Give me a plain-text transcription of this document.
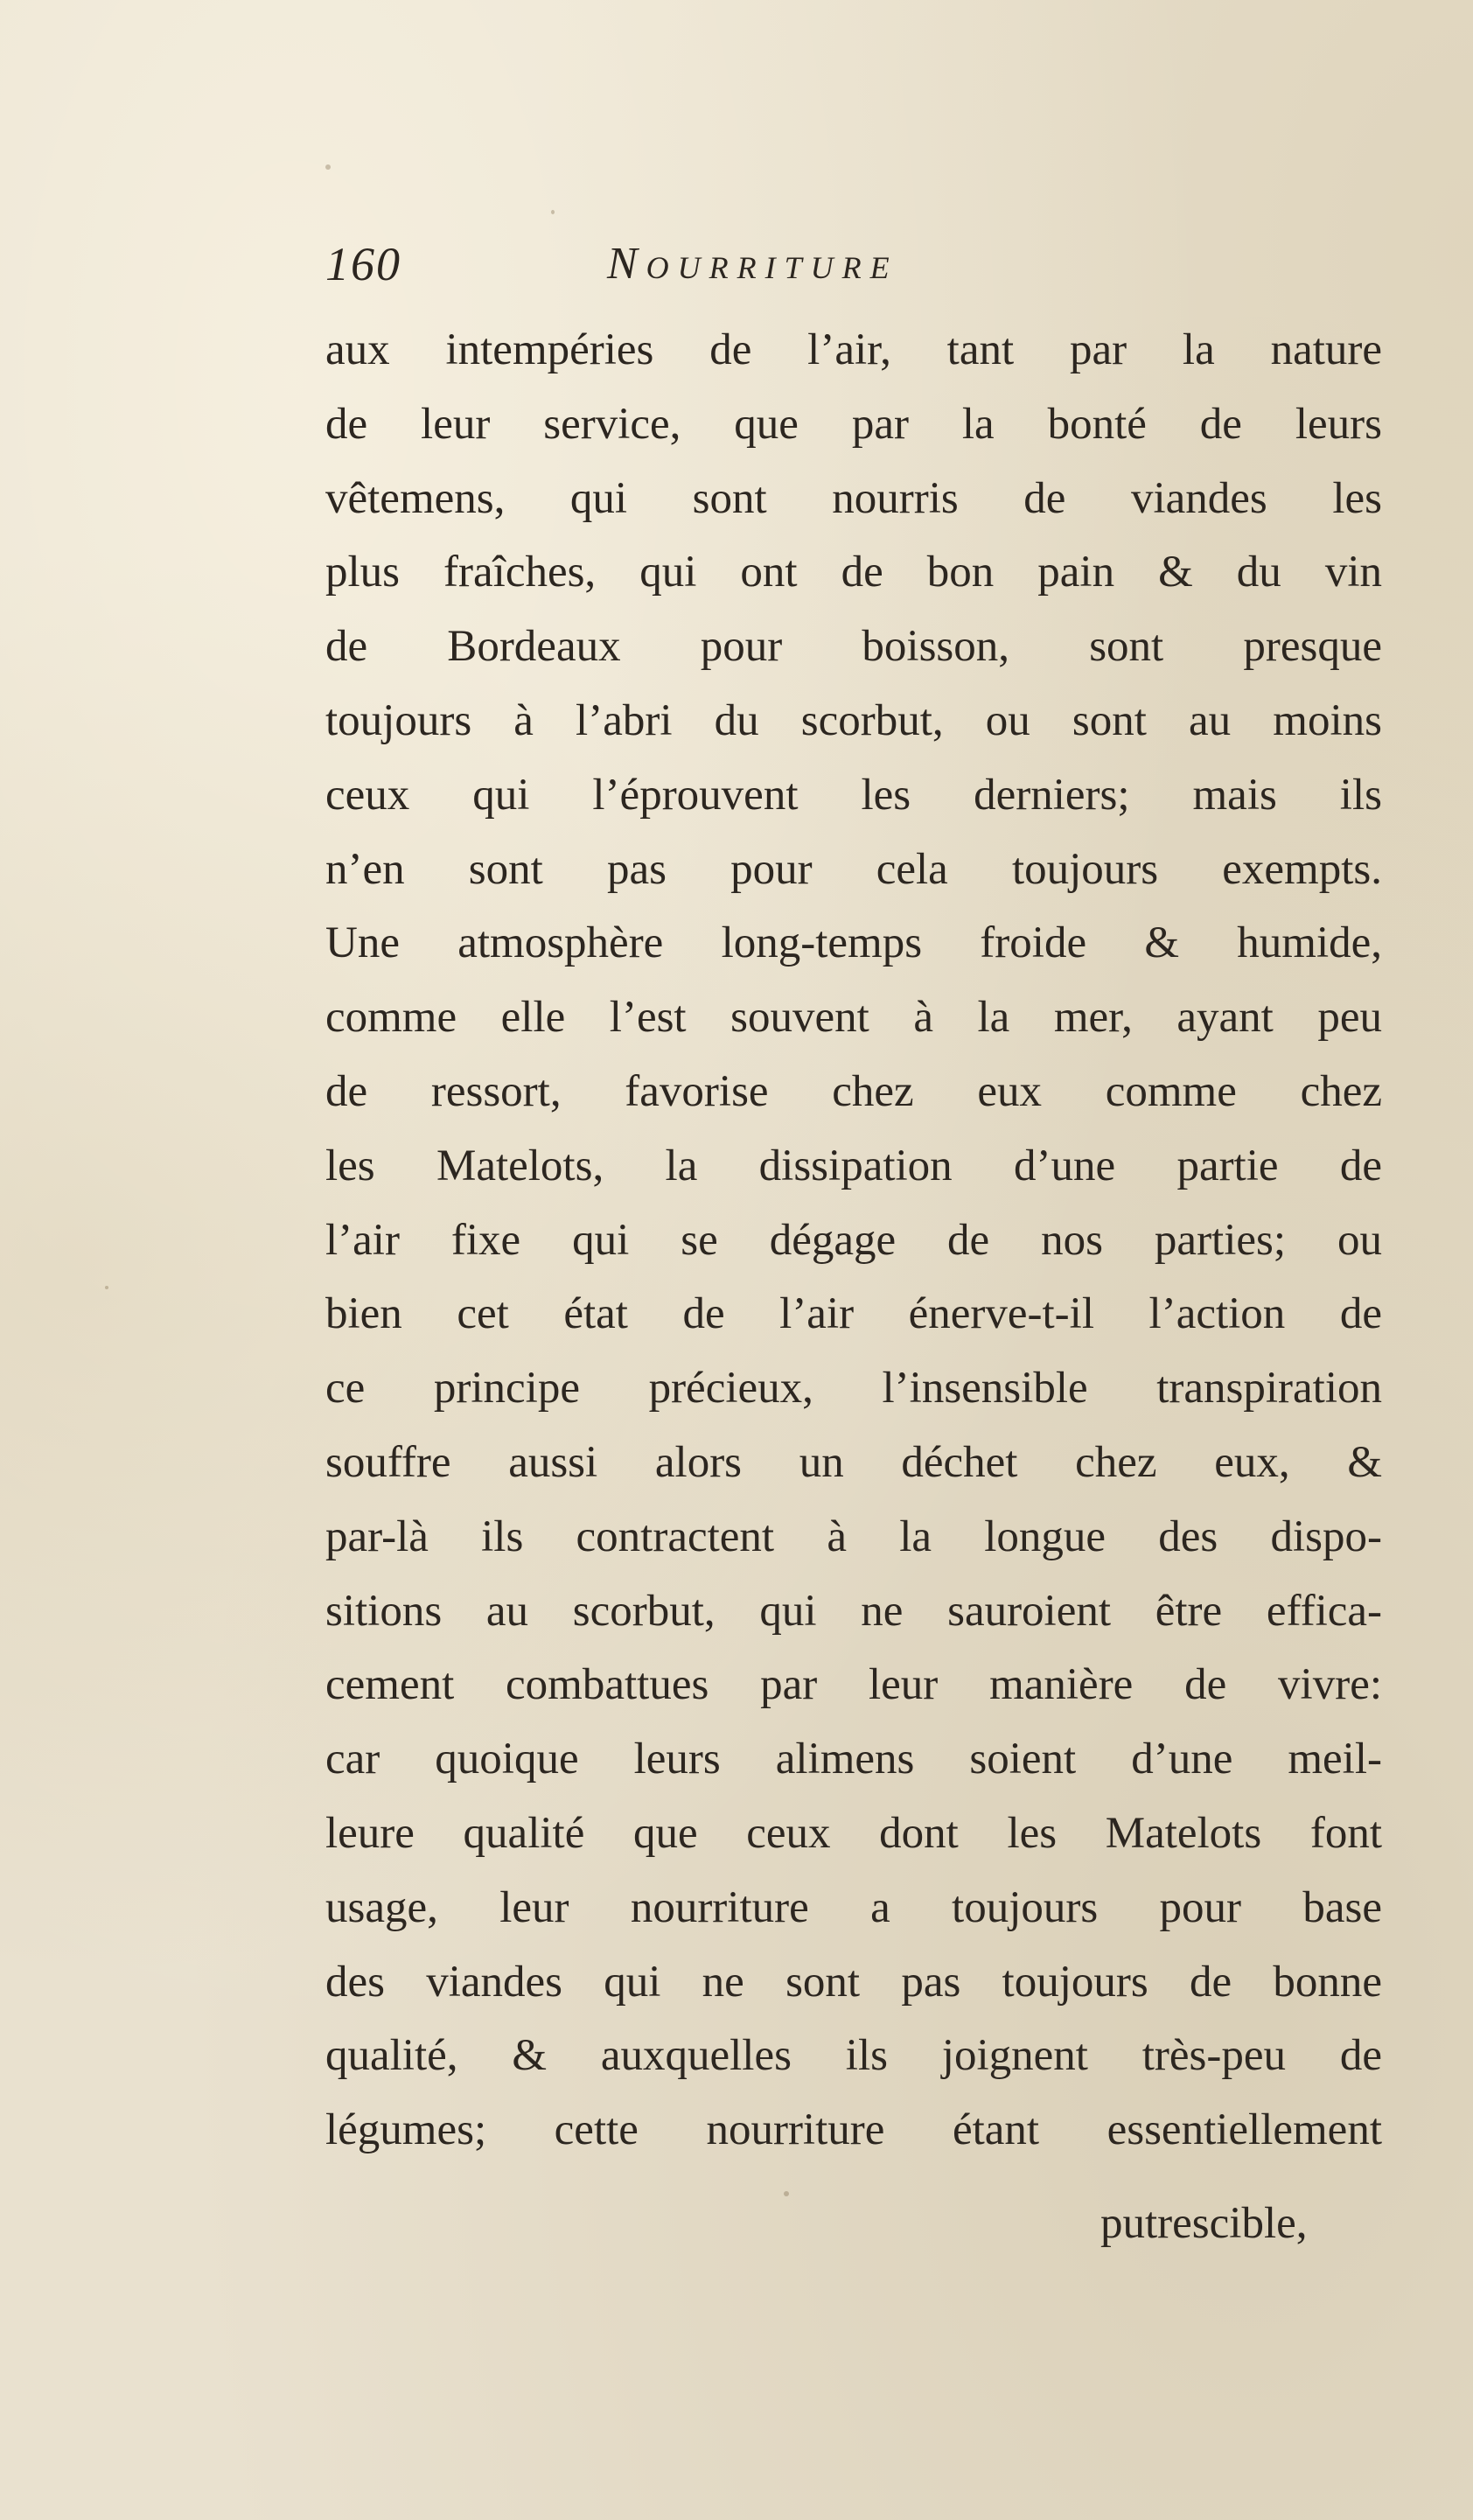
160	Nourriture
aux intempéries de l’air, tant par la nature
de leur service, que par la bonté de leurs
vêtemens, qui sont nourris de viandes les
plus fraîches, qui ont de bon pain & du vin
de Bordeaux pour boisson, sont presque
toujours à l’abri du scorbut, ou sont au moins
ceux qui l’éprouvent les derniers; mais ils
n’en sont pas pour cela toujours exempts.
Une atmosphère long-temps froide & humide,
comme elle l’est souvent à la mer, ayant peu
de ressort, favorise chez eux comme chez
les Matelots, la dissipation d’une partie de
l’air fixe qui se dégage de nos parties; ou
bien cet état de l’air énerve-t-il l’action de
ce principe précieux, l’insensible transpiration
souffre aussi alors un déchet chez eux, &
par-là ils contractent à la longue des dispo-
sitions au scorbut, qui ne sauroient être effica-
cement combattues par leur manière de vivre:
car quoique leurs alimens soient d’une meil-
leure qualité que ceux dont les Matelots font
usage, leur nourriture a toujours pour base
des viandes qui ne sont pas toujours de bonne
qualité, & auxquelles ils joignent très-peu de
légumes; cette nourriture étant essentiellement
putrescible,
